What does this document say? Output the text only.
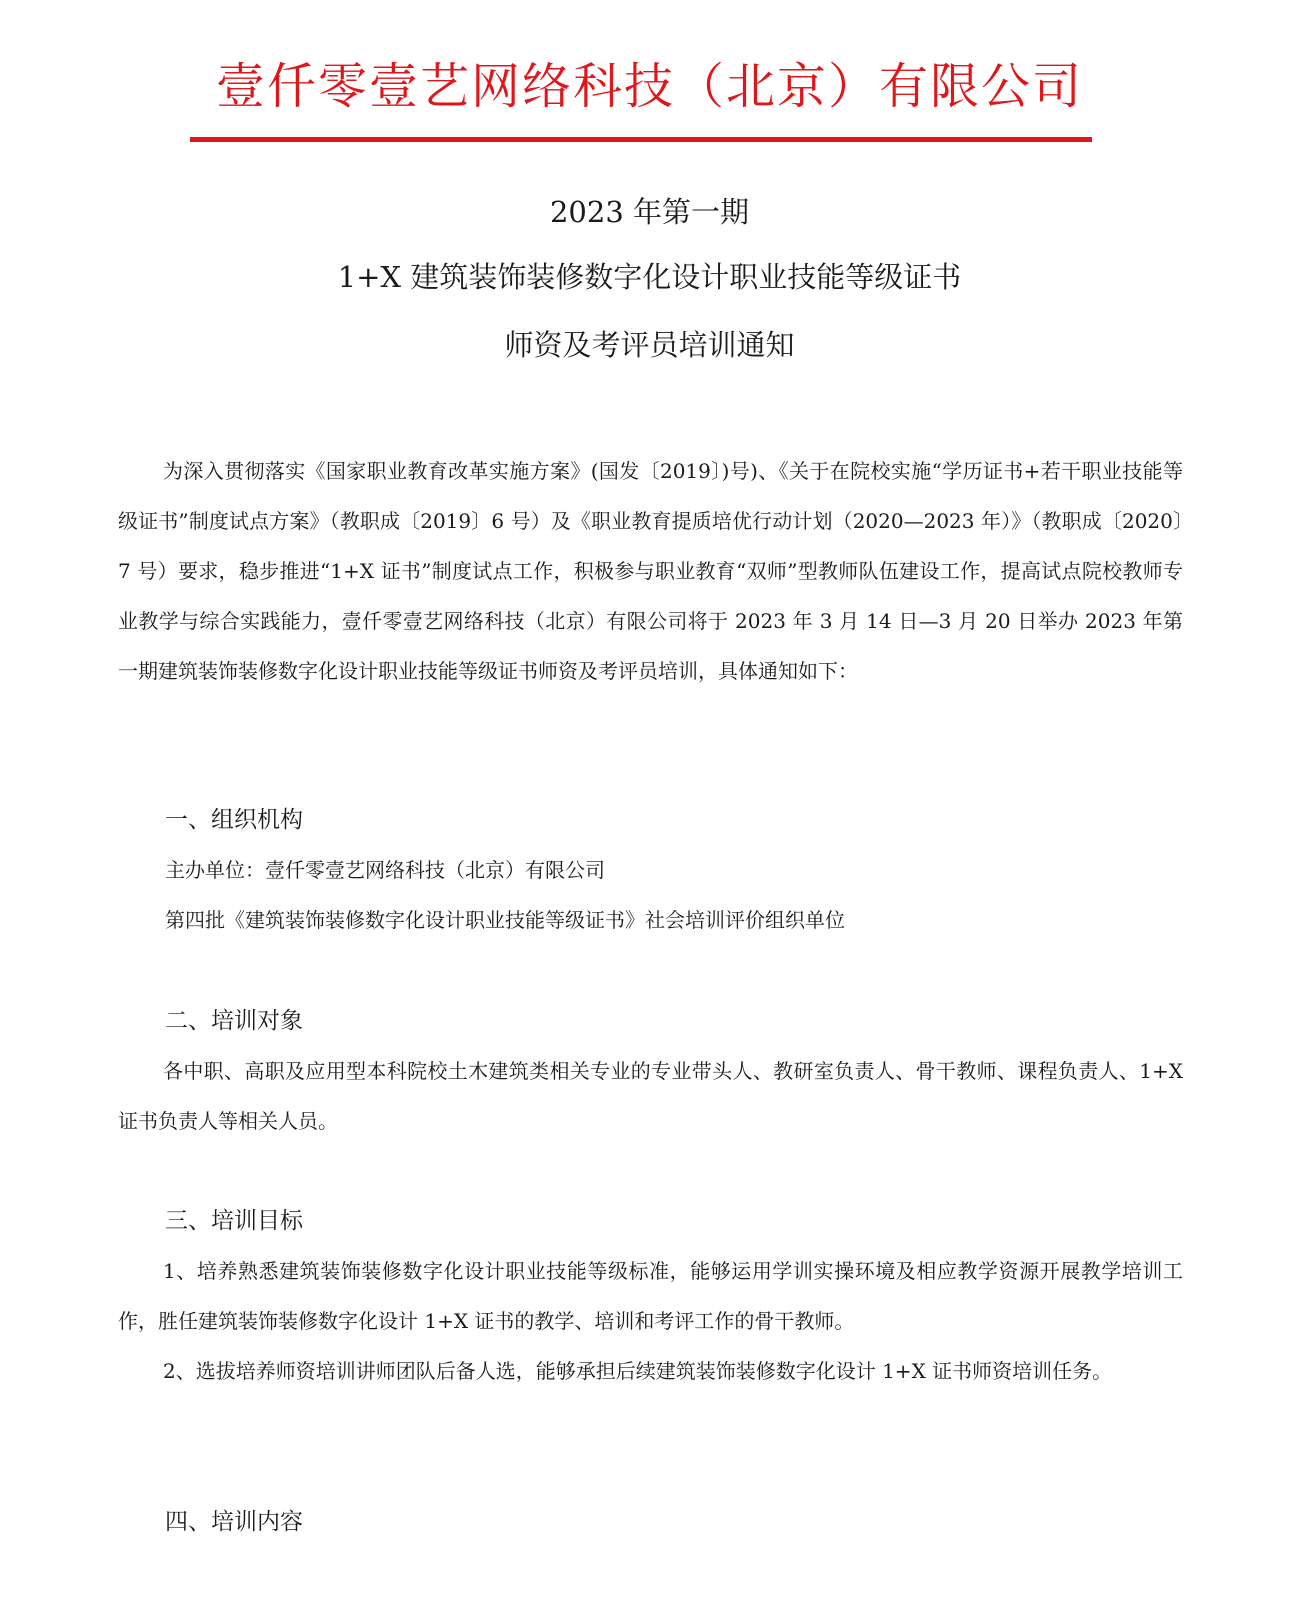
壹仟零壹艺网络科技（北京）有限公司
2023 年第一期
1+X 建筑装饰装修数字化设计职业技能等级证书
师资及考评员培训通知
为深入贯彻落实《国家职业教育改革实施方案》(国发〔2019〕)号)、《关于在院校实施“学历证书+若干职业技能等级证书”制度试点方案》（教职成〔2019〕6 号）及《职业教育提质培优行动计划（2020—2023 年）》（教职成〔2020〕7 号）要求，稳步推进“1+X 证书”制度试点工作，积极参与职业教育“双师”型教师队伍建设工作，提高试点院校教师专业教学与综合实践能力，壹仟零壹艺网络科技（北京）有限公司将于 2023 年 3 月 14 日—3 月 20 日举办 2023 年第一期建筑装饰装修数字化设计职业技能等级证书师资及考评员培训，具体通知如下：
一、组织机构
主办单位：壹仟零壹艺网络科技（北京）有限公司
第四批《建筑装饰装修数字化设计职业技能等级证书》社会培训评价组织单位
二、培训对象
各中职、高职及应用型本科院校土木建筑类相关专业的专业带头人、教研室负责人、骨干教师、课程负责人、1+X 证书负责人等相关人员。
三、培训目标
1、培养熟悉建筑装饰装修数字化设计职业技能等级标准，能够运用学训实操环境及相应教学资源开展教学培训工作，胜任建筑装饰装修数字化设计 1+X 证书的教学、培训和考评工作的骨干教师。
2、选拔培养师资培训讲师团队后备人选，能够承担后续建筑装饰装修数字化设计 1+X 证书师资培训任务。
四、培训内容
